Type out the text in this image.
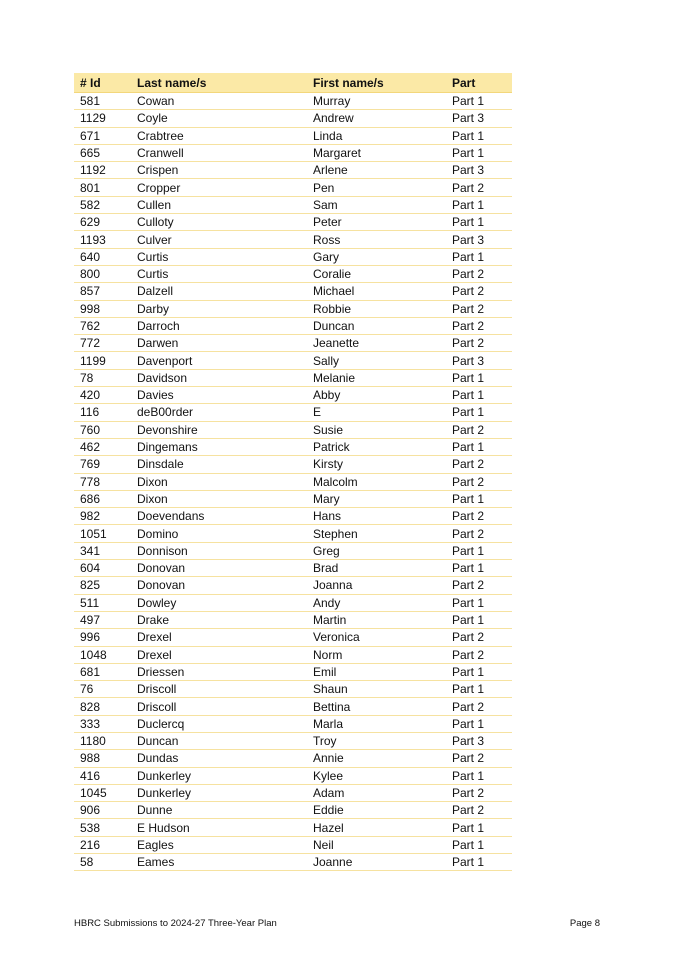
# Id	Last name/s	First name/s	Part
581	Cowan	Murray	Part 1
1129	Coyle	Andrew	Part 3
671	Crabtree	Linda	Part 1
665	Cranwell	Margaret	Part 1
1192	Crispen	Arlene	Part 3
801	Cropper	Pen	Part 2
582	Cullen	Sam	Part 1
629	Culloty	Peter	Part 1
1193	Culver	Ross	Part 3
640	Curtis	Gary	Part 1
800	Curtis	Coralie	Part 2
857	Dalzell	Michael	Part 2
998	Darby	Robbie	Part 2
762	Darroch	Duncan	Part 2
772	Darwen	Jeanette	Part 2
1199	Davenport	Sally	Part 3
78	Davidson	Melanie	Part 1
420	Davies	Abby	Part 1
116	deB00rder	E	Part 1
760	Devonshire	Susie	Part 2
462	Dingemans	Patrick	Part 1
769	Dinsdale	Kirsty	Part 2
778	Dixon	Malcolm	Part 2
686	Dixon	Mary	Part 1
982	Doevendans	Hans	Part 2
1051	Domino	Stephen	Part 2
341	Donnison	Greg	Part 1
604	Donovan	Brad	Part 1
825	Donovan	Joanna	Part 2
511	Dowley	Andy	Part 1
497	Drake	Martin	Part 1
996	Drexel	Veronica	Part 2
1048	Drexel	Norm	Part 2
681	Driessen	Emil	Part 1
76	Driscoll	Shaun	Part 1
828	Driscoll	Bettina	Part 2
333	Duclercq	Marla	Part 1
1180	Duncan	Troy	Part 3
988	Dundas	Annie	Part 2
416	Dunkerley	Kylee	Part 1
1045	Dunkerley	Adam	Part 2
906	Dunne	Eddie	Part 2
538	E Hudson	Hazel	Part 1
216	Eagles	Neil	Part 1
58	Eames	Joanne	Part 1
HBRC Submissions to 2024-27 Three-Year Plan	Page 8
